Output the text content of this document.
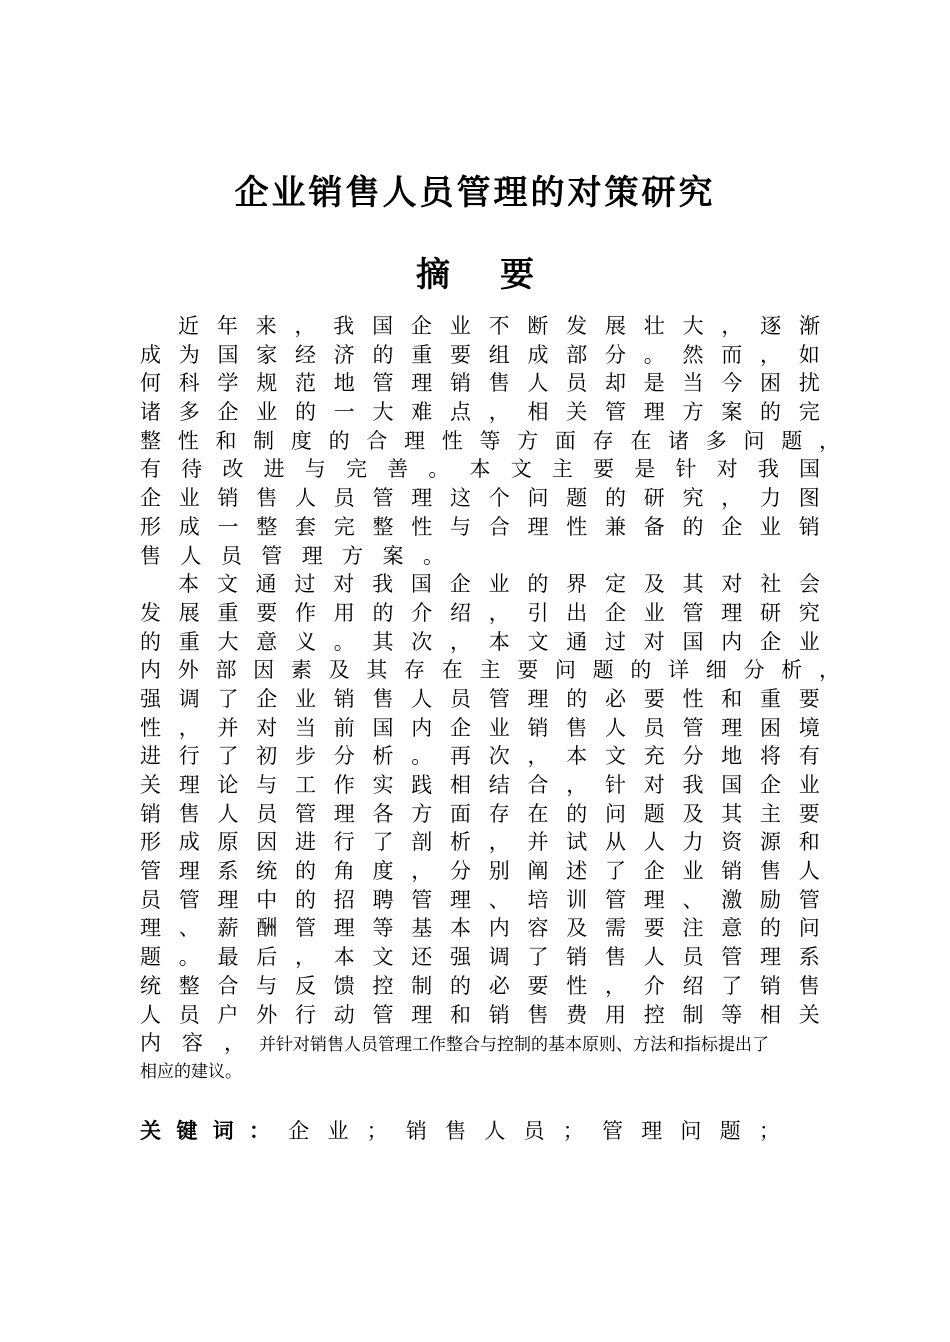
企业销售人员管理的对策研究
摘要
近 年 来 ， 我 国 企 业 不 断 发 展 壮 大 ， 逐 渐
成 为 国 家 经 济 的 重 要 组 成 部 分 。 然 而 ， 如
何 科 学 规 范 地 管 理 销 售 人 员 却 是 当 今 困 扰
诸 多 企 业 的 一 大 难 点 ， 相 关 管 理 方 案 的 完
整 性 和 制 度 的 合 理 性 等 方 面 存 在 诸 多 问 题 ，
有 待 改 进 与 完 善 。 本 文 主 要 是 针 对 我 国
企 业 销 售 人 员 管 理 这 个 问 题 的 研 究 ， 力 图
形 成 一 整 套 完 整 性 与 合 理 性 兼 备 的 企 业 销
售 人 员 管 理 方 案 。
本 文 通 过 对 我 国 企 业 的 界 定 及 其 对 社 会
发 展 重 要 作 用 的 介 绍 ， 引 出 企 业 管 理 研 究
的 重 大 意 义 。 其 次 ， 本 文 通 过 对 国 内 企 业
内 外 部 因 素 及 其 存 在 主 要 问 题 的 详 细 分 析 ，
强 调 了 企 业 销 售 人 员 管 理 的 必 要 性 和 重 要
性 ， 并 对 当 前 国 内 企 业 销 售 人 员 管 理 困 境
进 行 了 初 步 分 析 。 再 次 ， 本 文 充 分 地 将 有
关 理 论 与 工 作 实 践 相 结 合 ， 针 对 我 国 企 业
销 售 人 员 管 理 各 方 面 存 在 的 问 题 及 其 主 要
形 成 原 因 进 行 了 剖 析 ， 并 试 从 人 力 资 源 和
管 理 系 统 的 角 度 ， 分 别 阐 述 了 企 业 销 售 人
员 管 理 中 的 招 聘 管 理 、 培 训 管 理 、 激 励 管
理 、 薪 酬 管 理 等 基 本 内 容 及 需 要 注 意 的 问
题 。 最 后 ， 本 文 还 强 调 了 销 售 人 员 管 理 系
统 整 合 与 反 馈 控 制 的 必 要 性 ， 介 绍 了 销 售
人 员 户 外 行 动 管 理 和 销 售 费 用 控 制 等 相 关
内 容 ， 并针对销售人员管理工作整合与控制的基本原则、方法和指标提出了
相应的建议。
关 键 词 ： 企 业 ； 销 售 人 员 ； 管 理 问 题 ；
